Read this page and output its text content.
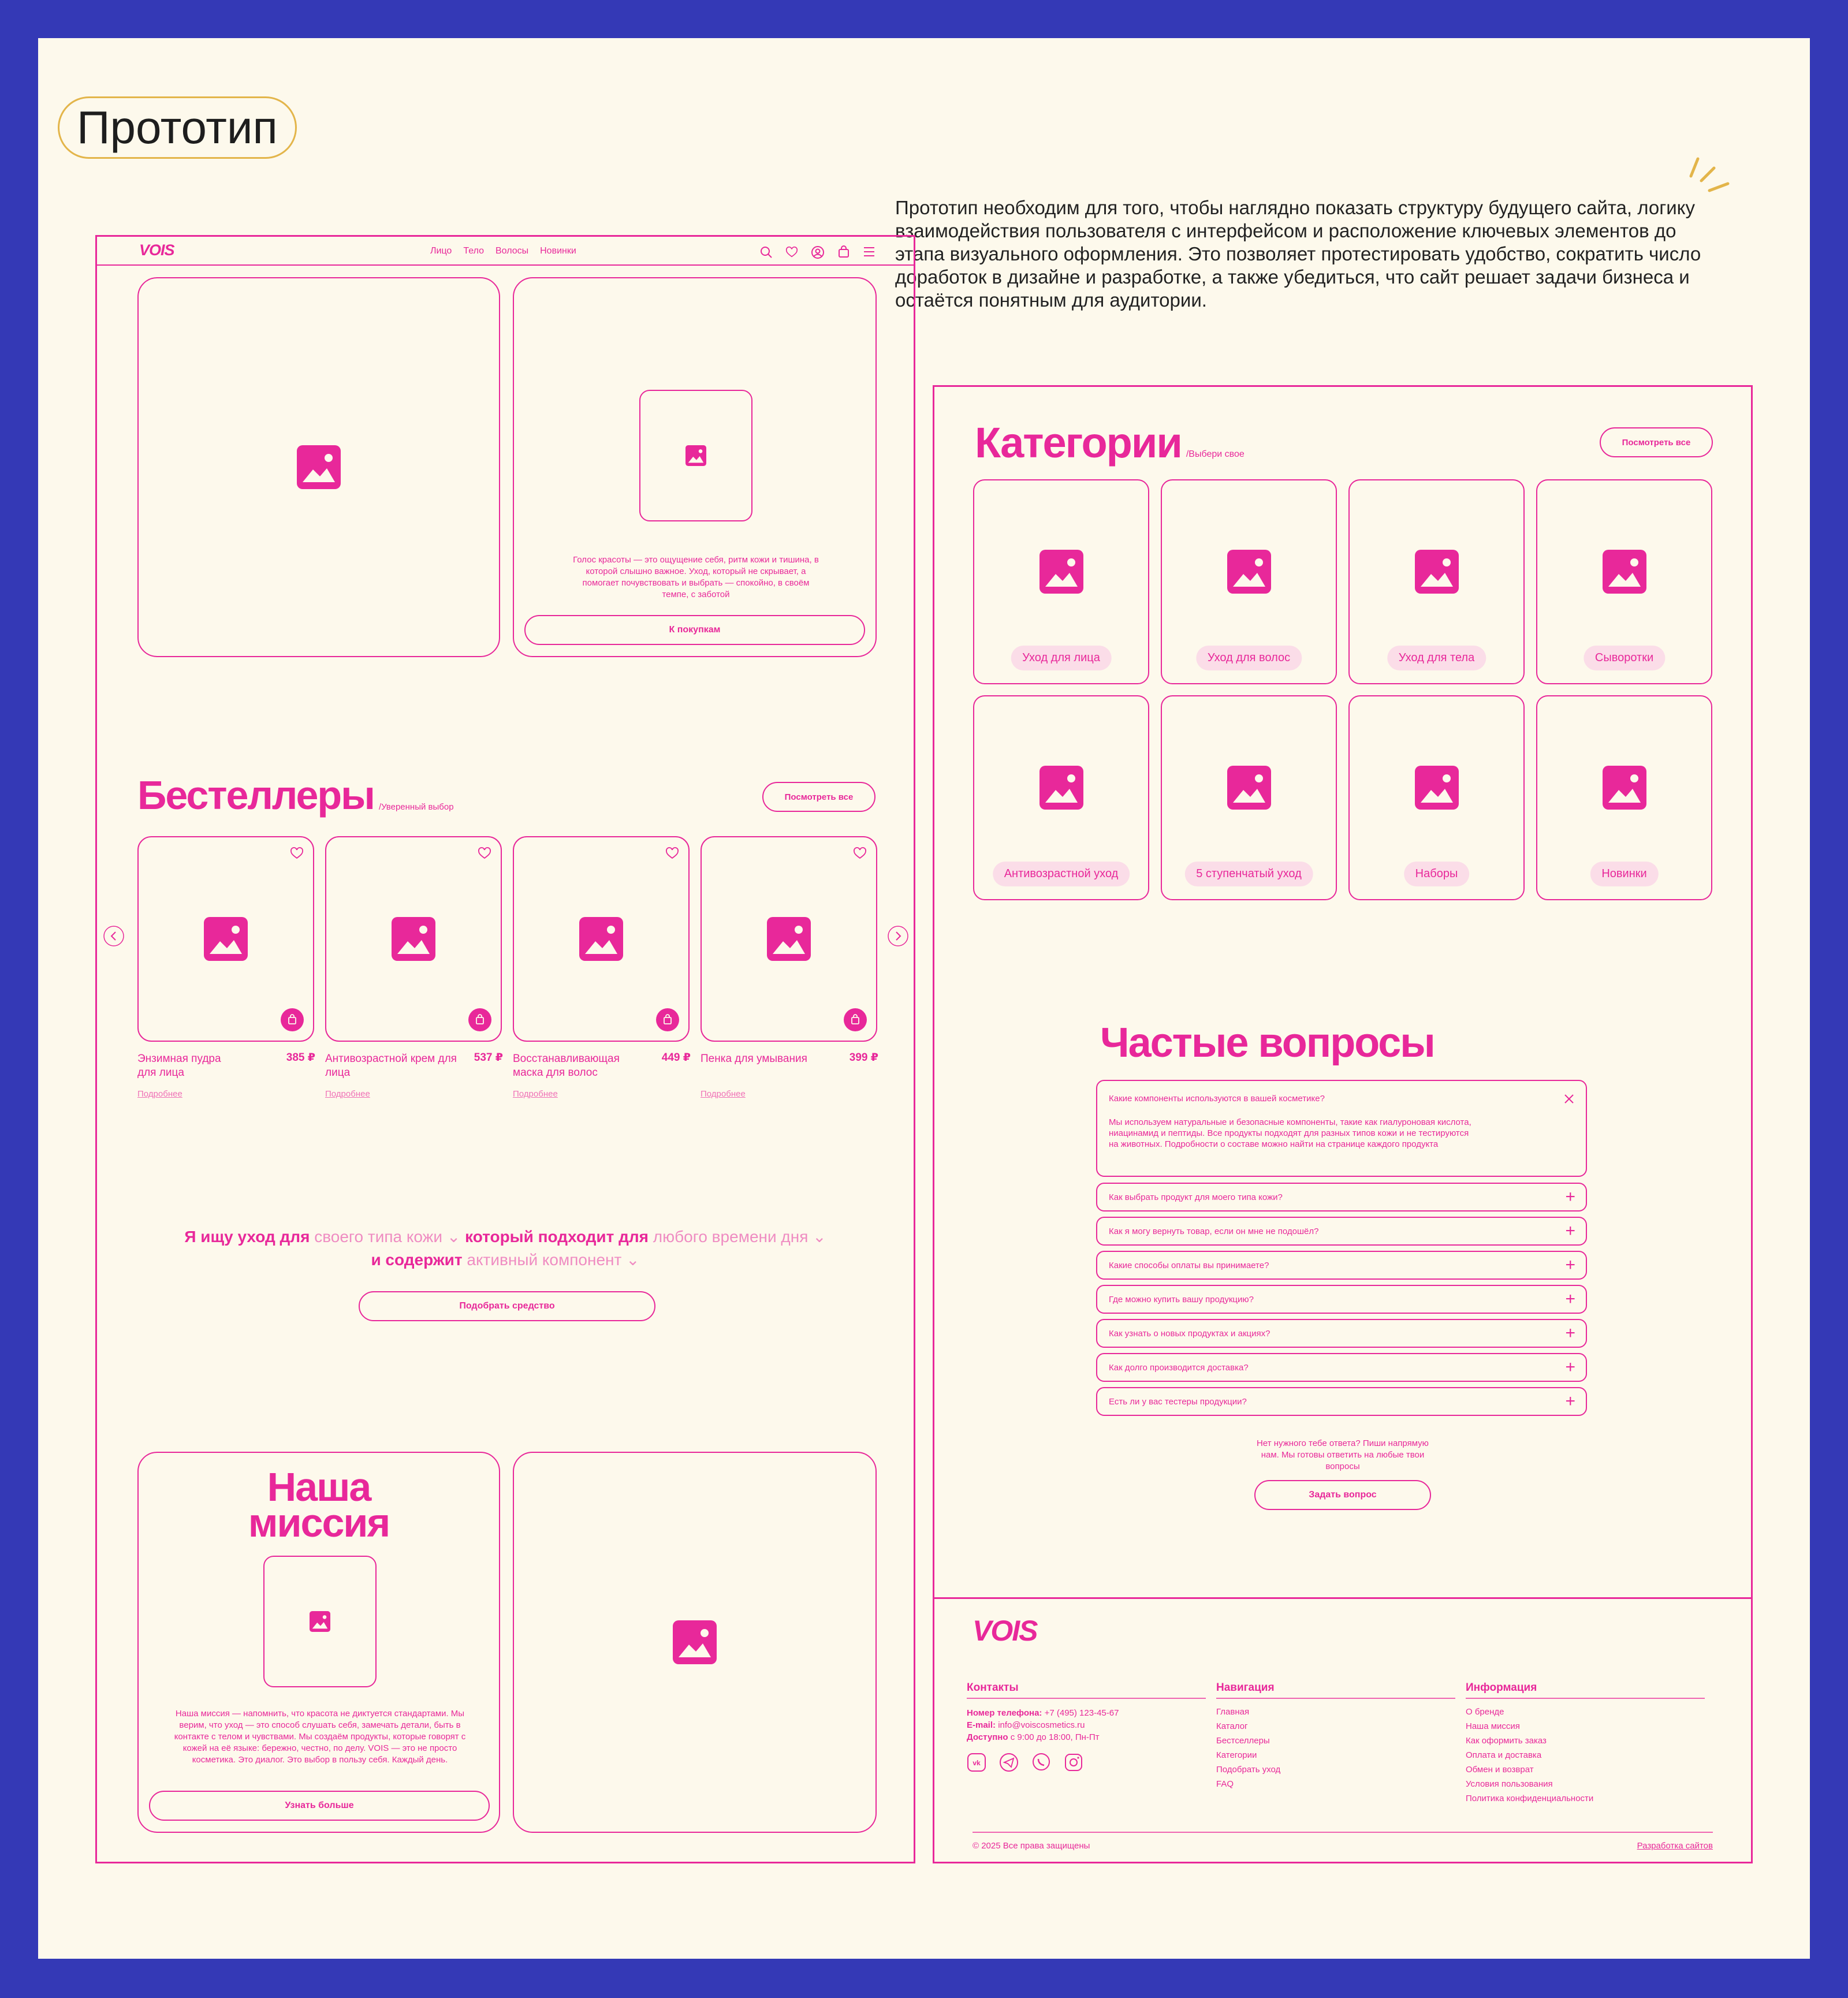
Прототип

Прототип необходим для того, чтобы наглядно показать структуру будущего сайта, логику взаимодействия пользователя с интерфейсом и расположение ключевых элементов до этапа визуального оформления. Это позволяет протестировать удобство, сократить число доработок в дизайне и разработке, а также убедиться, что сайт решает задачи бизнеса и остаётся понятным для аудитории.

VOIS	Лицо Тело Волосы Новинки

Голос красоты — это ощущение себя, ритм кожи и тишина, в которой слышно важное. Уход, который не скрывает, а помогает почувствовать и выбрать — спокойно, в своём темпе, с заботой

К покупкам
Бестеллеры /Уверенный выбор
Посмотреть все
Энзимная пудра для лица
385 ₽
Подробнее
Антивозрастной крем для лица
537 ₽
Подробнее
Восстанавливающая маска для волос
449 ₽
Подробнее
Пенка для умывания	399 ₽
Подробнее
Я ищу уход для своего типа кожи ⌄ который подходит для любого времени дня ⌄
и содержит активный компонент ⌄
Подобрать средство
Наша
миссия

Наша миссия — напомнить, что красота не диктуется стандартами. Мы верим, что уход — это способ слушать себя, замечать детали, быть в контакте с телом и чувствами. Мы создаём продукты, которые говорят с кожей на её языке: бережно, честно, по делу. VOIS — это не просто косметика. Это диалог. Это выбор в пользу себя. Каждый день.

Узнать больше
Категории /Выбери свое
Посмотреть все
Уход для лица	Уход для волос	Уход для тела	Сыворотки
Антивозрастной уход	5 ступенчатый уход	Наборы	Новинки
Частые вопросы
Какие компоненты используются в вашей косметике?

Мы используем натуральные и безопасные компоненты, такие как гиалуроновая кислота, ниацинамид и пептиды. Все продукты подходят для разных типов кожи и не тестируются на животных. Подробности о составе можно найти на странице каждого продукта

Как выбрать продукт для моего типа кожи?	+
Как я могу вернуть товар, если он мне не подошёл?	+
Какие способы оплаты вы принимаете?	+
Где можно купить вашу продукцию?	+
Как узнать о новых продуктах и акциях?	+
Как долго производится доставка?	+
Есть ли у вас тестеры продукции?	+

Нет нужного тебе ответа? Пиши напрямую нам. Мы готовы ответить на любые твои вопросы

Задать вопрос
VOIS
Контакты
Номер телефона: +7 (495) 123-45-67
E-mail: info@voiscosmetics.ru
Доступно с 9:00 до 18:00, Пн-Пт
vk
Навигация
Главная
Каталог
Бестселлеры
Категории
Подобрать уход
FAQ
Информация
О бренде
Наша миссия
Как оформить заказ
Оплата и доставка
Обмен и возврат
Условия пользования
Политика конфиденциальности
© 2025 Все права защищены	Разработка сайтов
